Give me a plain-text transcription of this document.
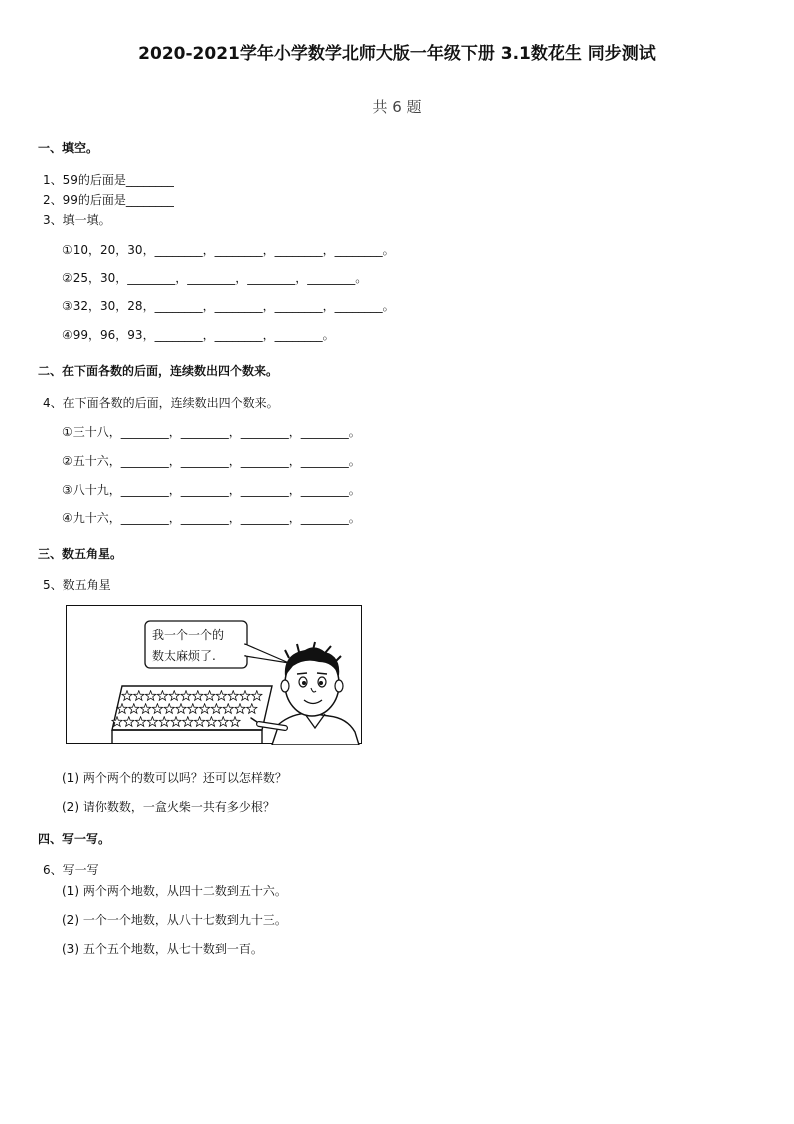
2020-2021学年小学数学北师大版一年级下册 3.1数花生 同步测试
共 6 题
一、填空。
1、59的后面是________
2、99的后面是________
3、填一填。
①10，20，30，________，________，________，________。
②25，30，________，________，________，________。
③32，30，28，________，________，________，________。
④99，96，93，________，________，________。
二、在下面各数的后面，连续数出四个数来。
4、在下面各数的后面，连续数出四个数来。
①三十八，________，________，________，________。
②五十六，________，________，________，________。
③八十九，________，________，________，________。
④九十六，________，________，________，________。
三、数五角星。
5、数五角星
我一个一个的
数太麻烦了.
(1) 两个两个的数可以吗？还可以怎样数？
(2) 请你数数，一盒火柴一共有多少根？
四、写一写。
6、写一写
(1) 两个两个地数，从四十二数到五十六。
(2) 一个一个地数，从八十七数到九十三。
(3) 五个五个地数，从七十数到一百。
